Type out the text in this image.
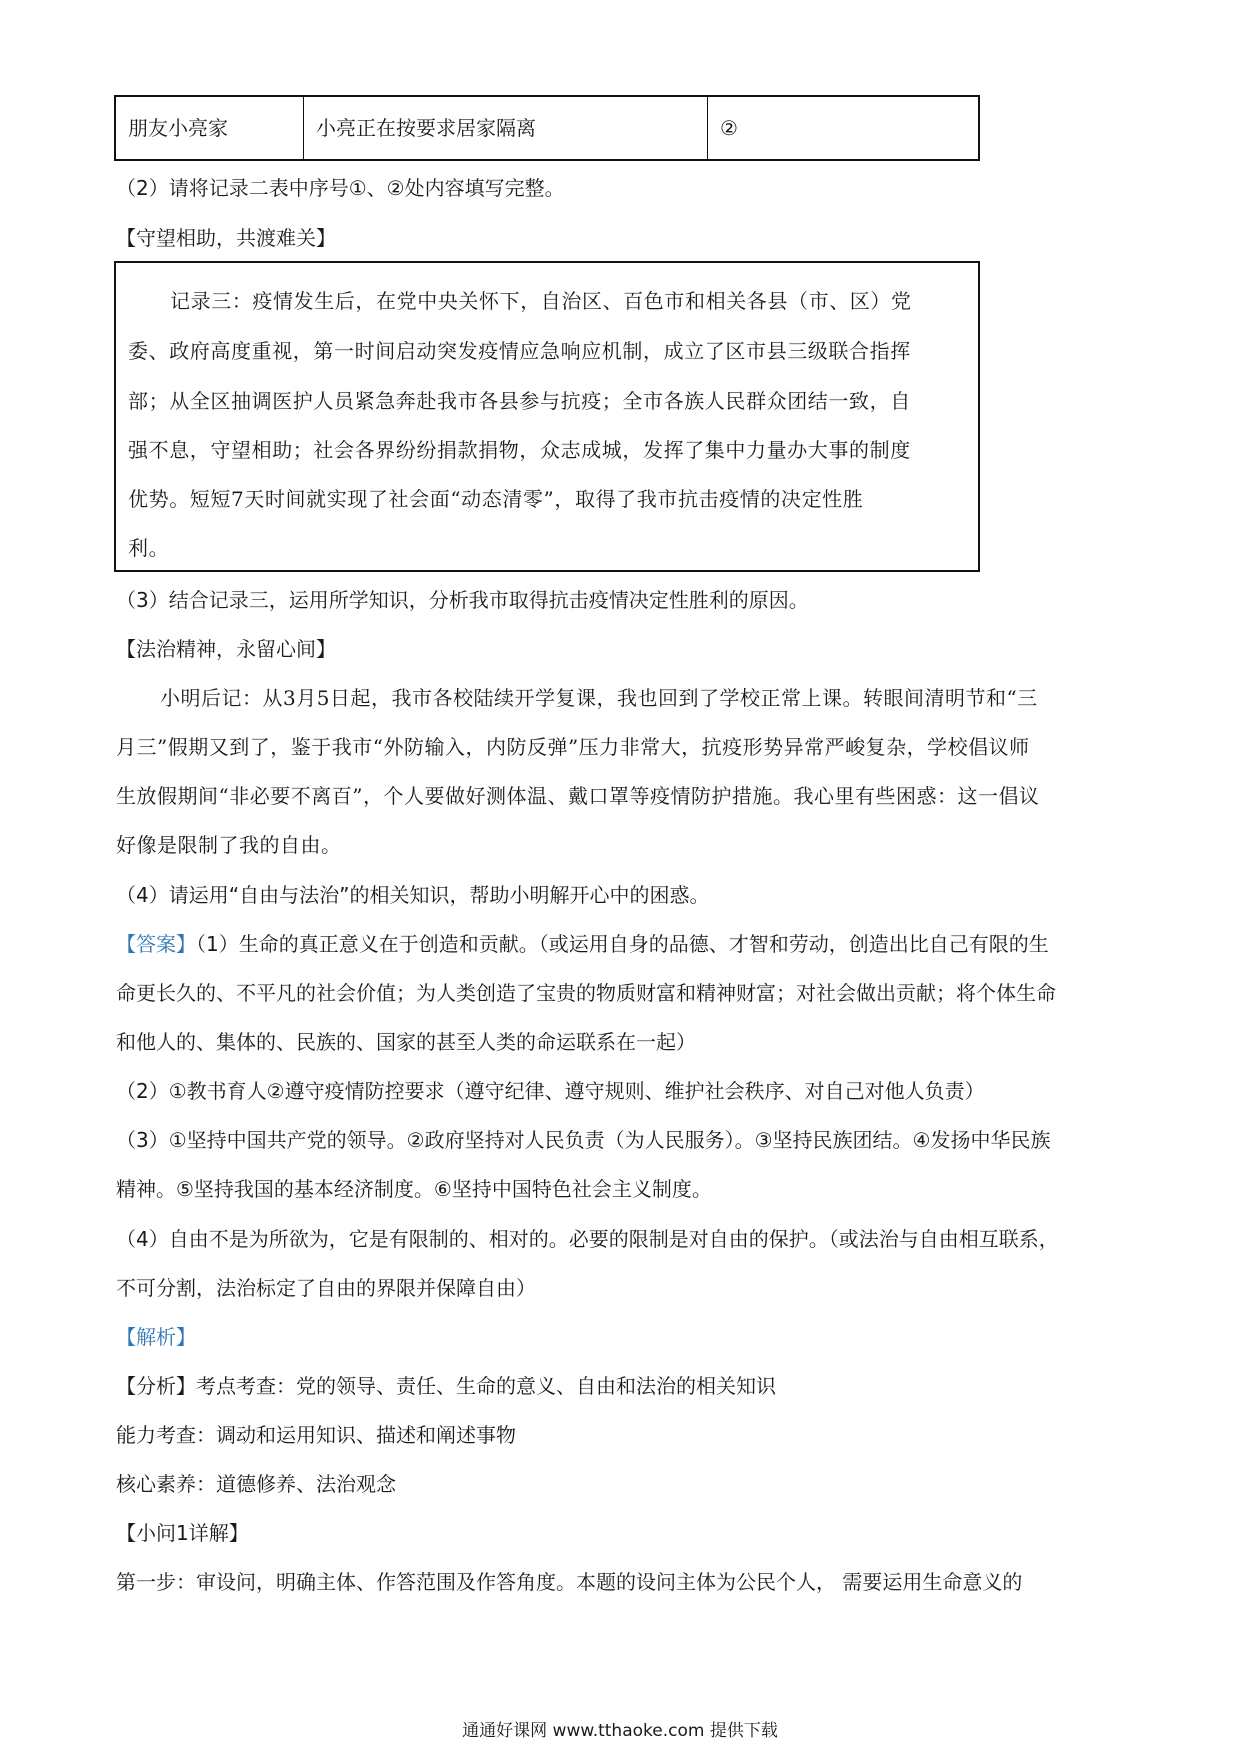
朋友小亮家	小亮正在按要求居家隔离	②
（2）请将记录二表中序号①、②处内容填写完整。
【守望相助，共渡难关】
记录三：疫情发生后，在党中央关怀下，自治区、百色市和相关各县（市、区）党
委、政府高度重视，第一时间启动突发疫情应急响应机制，成立了区市县三级联合指挥
部；从全区抽调医护人员紧急奔赴我市各县参与抗疫；全市各族人民群众团结一致，自
强不息，守望相助；社会各界纷纷捐款捐物，众志成城，发挥了集中力量办大事的制度
优势。短短7天时间就实现了社会面“动态清零”，取得了我市抗击疫情的决定性胜
利。
（3）结合记录三，运用所学知识，分析我市取得抗击疫情决定性胜利的原因。
【法治精神，永留心间】
小明后记：从3月5日起，我市各校陆续开学复课，我也回到了学校正常上课。转眼间清明节和“三
月三”假期又到了，鉴于我市“外防输入，内防反弹”压力非常大，抗疫形势异常严峻复杂，学校倡议师
生放假期间“非必要不离百”，个人要做好测体温、戴口罩等疫情防护措施。我心里有些困惑：这一倡议
好像是限制了我的自由。
（4）请运用“自由与法治”的相关知识，帮助小明解开心中的困惑。
【答案】（1）生命的真正意义在于创造和贡献。（或运用自身的品德、才智和劳动，创造出比自己有限的生
命更长久的、不平凡的社会价值；为人类创造了宝贵的物质财富和精神财富；对社会做出贡献；将个体生命
和他人的、集体的、民族的、国家的甚至人类的命运联系在一起）
（2）①教书育人②遵守疫情防控要求（遵守纪律、遵守规则、维护社会秩序、对自己对他人负责）
（3）①坚持中国共产党的领导。②政府坚持对人民负责（为人民服务）。③坚持民族团结。④发扬中华民族
精神。⑤坚持我国的基本经济制度。⑥坚持中国特色社会主义制度。
（4）自由不是为所欲为，它是有限制的、相对的。必要的限制是对自由的保护。（或法治与自由相互联系，
不可分割，法治标定了自由的界限并保障自由）
【解析】
【分析】考点考查：党的领导、责任、生命的意义、自由和法治的相关知识
能力考查：调动和运用知识、描述和阐述事物
核心素养：道德修养、法治观念
【小问1详解】
第一步：审设问，明确主体、作答范围及作答角度。本题的设问主体为公民个人， 需要运用生命意义的
通通好课网 www.tthaoke.com 提供下载
